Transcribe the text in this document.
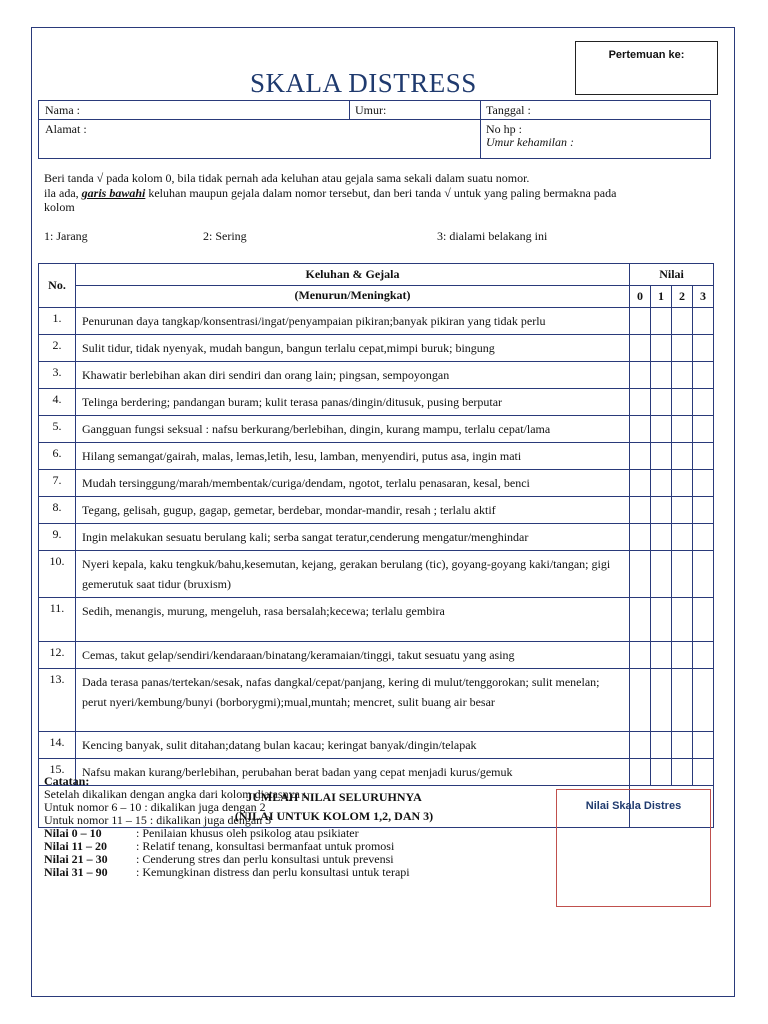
Pertemuan ke:
SKALA DISTRESS
Nama :	Umur:	Tanggal :
Alamat :	No hp :
Umur kehamilan :
Beri tanda √ pada kolom 0, bila tidak pernah ada keluhan atau gejala sama sekali dalam suatu nomor.
ila ada, garis bawahi keluhan maupun gejala dalam nomor tersebut, dan beri tanda √ untuk yang paling bermakna pada
kolom
1: Jarang	2: Sering	3: dialami belakang ini
No.	Keluhan & Gejala	Nilai			
	(Menurun/Meningkat)	0	1	2	3
1.	Penurunan daya tangkap/konsentrasi/ingat/penyampaian pikiran;banyak pikiran yang tidak perlu				
2.	Sulit tidur, tidak nyenyak, mudah bangun, bangun terlalu cepat,mimpi buruk; bingung				
3.	Khawatir berlebihan akan diri sendiri dan orang lain; pingsan, sempoyongan				
4.	Telinga berdering; pandangan buram; kulit terasa panas/dingin/ditusuk, pusing berputar				
5.	Gangguan fungsi seksual : nafsu berkurang/berlebihan, dingin, kurang mampu, terlalu cepat/lama				
6.	Hilang semangat/gairah, malas, lemas,letih, lesu, lamban, menyendiri, putus asa, ingin mati				
7.	Mudah tersinggung/marah/membentak/curiga/dendam, ngotot, terlalu penasaran, kesal, benci				
8.	Tegang, gelisah, gugup, gagap, gemetar, berdebar, mondar-mandir, resah ; terlalu aktif				
9.	Ingin melakukan sesuatu berulang kali; serba sangat teratur,cenderung mengatur/menghindar				
10.	Nyeri kepala, kaku tengkuk/bahu,kesemutan, kejang, gerakan berulang (tic), goyang-goyang kaki/tangan; gigi gemerutuk saat tidur (bruxism)				
11.	Sedih, menangis, murung, mengeluh, rasa bersalah;kecewa; terlalu gembira				
12.	Cemas, takut gelap/sendiri/kendaraan/binatang/keramaian/tinggi, takut sesuatu yang asing				
13.	Dada terasa panas/tertekan/sesak, nafas dangkal/cepat/panjang, kering di mulut/tenggorokan; sulit menelan; perut nyeri/kembung/bunyi (borborygmi);mual,muntah; mencret, sulit buang air besar				
14.	Kencing banyak, sulit ditahan;datang bulan kacau; keringat banyak/dingin/telapak				
15.	Nafsu makan kurang/berlebihan, perubahan berat badan yang cepat menjadi kurus/gemuk				

JUMLAH NILAI SELURUHNYA
(NILAI UNTUK KOLOM 1,2, DAN 3)					

Catatan:
Setelah dikalikan dengan angka dari kolom diatasnya :
Untuk nomor 6 – 10 : dikalikan juga dengan 2
Untuk nomor 11 – 15 : dikalikan juga dengan 3
Nilai 0 – 10	: Penilaian khusus oleh psikolog atau psikiater
Nilai 11 – 20 : Relatif tenang, konsultasi bermanfaat untuk promosi
Nilai 21 – 30 : Cenderung stres dan perlu konsultasi untuk prevensi
Nilai 31 – 90 : Kemungkinan distress dan perlu konsultasi untuk terapi
Nilai Skala Distres
